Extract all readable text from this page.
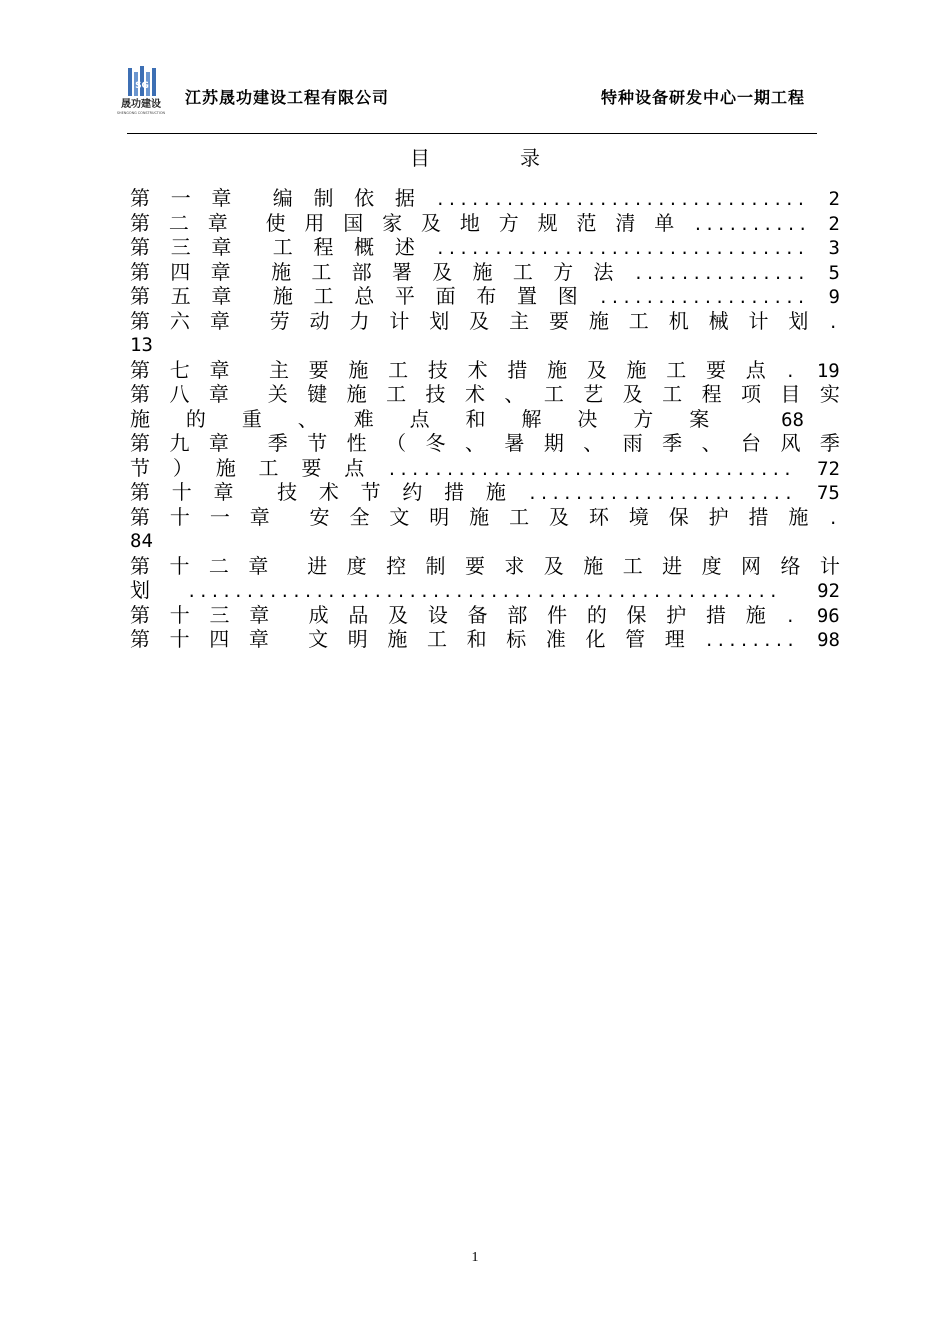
SG
晟功建设
SHENGONG CONSTRUCTION
江苏晟功建设工程有限公司	特种设备研发中心一期工程
目	录
第 一 章 编 制 依 据 ................................ 2
第 二 章 使 用 国 家 及 地 方 规 范 清 单 .......... 2
第 三 章 工 程 概 述 ................................ 3
第 四 章 施 工 部 署 及 施 工 方 法 ............... 5
第 五 章 施 工 总 平 面 布 置 图 .................. 9
第 六 章 劳 动 力 计 划 及 主 要 施 工 机 械 计 划 .
13
第 七 章 主 要 施 工 技 术 措 施 及 施 工 要 点 . 19
第 八 章 关 键 施 工 技 术 、 工 艺 及 工 程 项 目 实
施 的 重 、 难 点 和 解 决 方 案	68
第 九 章 季 节 性 （ 冬 、 暑 期 、 雨 季 、 台 风 季
节 ） 施 工 要 点 ................................... 72
第 十 章 技 术 节 约 措 施 ....................... 75
第 十 一 章 安 全 文 明 施 工 及 环 境 保 护 措 施 .
84
第 十 二 章 进 度 控 制 要 求 及 施 工 进 度 网 络 计
划 ................................................... 92
第 十 三 章 成 品 及 设 备 部 件 的 保 护 措 施 . 96
第 十 四 章 文 明 施 工 和 标 准 化 管 理 ........ 98
1
